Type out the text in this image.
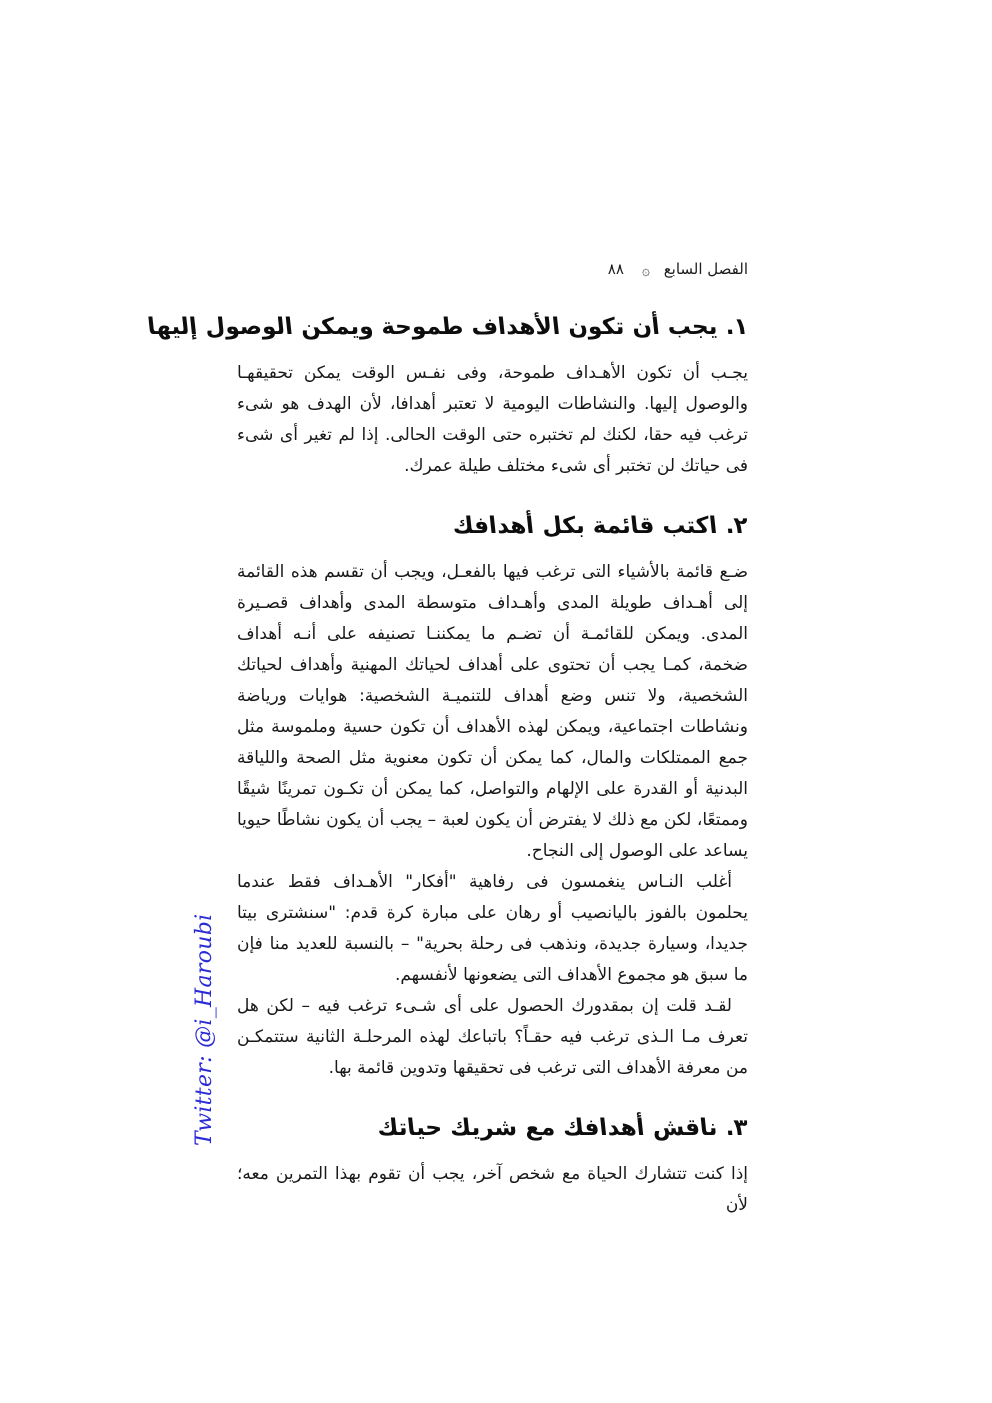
Twitter: @i_Haroubi
الفصل السابع ۞ ٨٨
١. يجب أن تكون الأهداف طموحة ويمكن الوصول إليها

يجـب أن تكون الأهـداف طموحة، وفى نفـس الوقت يمكن تحقيقهـا والوصول إليها. والنشاطات اليومية لا تعتبر أهدافا، لأن الهدف هو شىء ترغب فيه حقا، لكنك لم تختبره حتى الوقت الحالى. إذا لم تغير أى شىء فى حياتك لن تختبر أى شىء مختلف طيلة عمرك.

٢. اكتب قائمة بكل أهدافك

ضـع قائمة بالأشياء التى ترغب فيها بالفعـل، ويجب أن تقسم هذه القائمة إلى أهـداف طويلة المدى وأهـداف متوسطة المدى وأهداف قصـيرة المدى. ويمكن للقائمـة أن تضـم ما يمكننـا تصنيفه على أنـه أهداف ضخمة، كمـا يجب أن تحتوى على أهداف لحياتك المهنية وأهداف لحياتك الشخصية، ولا تنس وضع أهداف للتنميـة الشخصية: هوايات ورياضة ونشاطات اجتماعية، ويمكن لهذه الأهداف أن تكون حسية وملموسة مثل جمع الممتلكات والمال، كما يمكن أن تكون معنوية مثل الصحة واللياقة البدنية أو القدرة على الإلهام والتواصل، كما يمكن أن تكـون تمرينًا شيقًا وممتعًا، لكن مع ذلك لا يفترض أن يكون لعبة – يجب أن يكون نشاطًا حيويا يساعد على الوصول إلى النجاح.

أغلب النـاس ينغمسون فى رفاهية "أفكار" الأهـداف فقط عندما يحلمون بالفوز باليانصيب أو رهان على مبارة كرة قدم: "سنشترى بيتا جديدا، وسيارة جديدة، ونذهب فى رحلة بحرية" – بالنسبة للعديد منا فإن ما سبق هو مجموع الأهداف التى يضعونها لأنفسهم.

لقـد قلت إن بمقدورك الحصول على أى شـىء ترغب فيه – لكن هل تعرف مـا الـذى ترغب فيه حقـاً؟ باتباعك لهذه المرحلـة الثانية ستتمكـن من معرفة الأهداف التى ترغب فى تحقيقها وتدوين قائمة بها.

٣. ناقش أهدافك مع شريك حياتك

إذا كنت تتشارك الحياة مع شخص آخر، يجب أن تقوم بهذا التمرين معه؛ لأن
